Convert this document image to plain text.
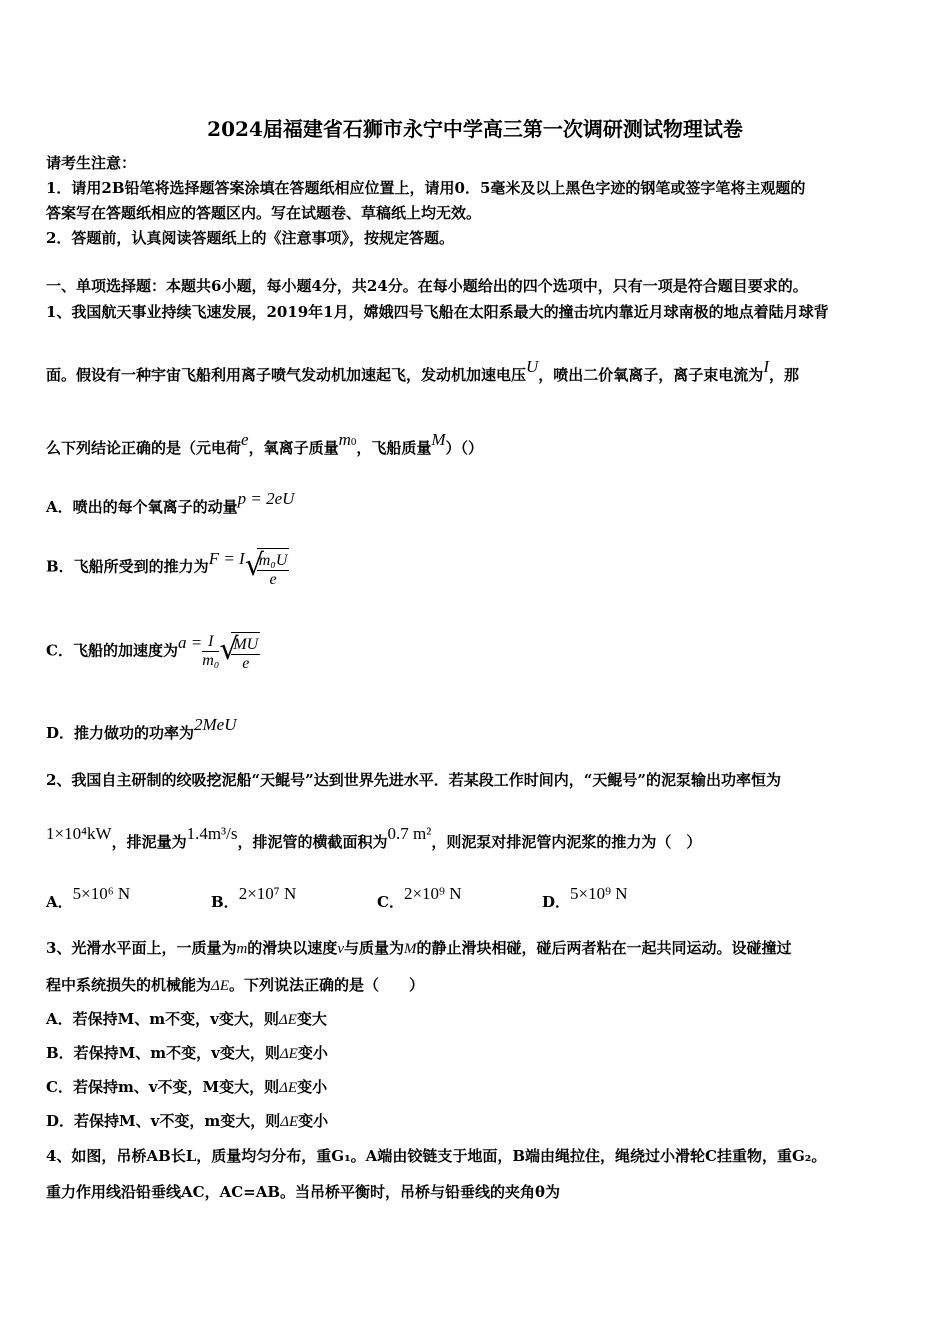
2024届福建省石狮市永宁中学高三第一次调研测试物理试卷
请考生注意：
1．请用2B铅笔将选择题答案涂填在答题纸相应位置上，请用0．5毫米及以上黑色字迹的钢笔或签字笔将主观题的
答案写在答题纸相应的答题区内。写在试题卷、草稿纸上均无效。
2．答题前，认真阅读答题纸上的《注意事项》，按规定答题。
一、单项选择题：本题共6小题，每小题4分，共24分。在每小题给出的四个选项中，只有一项是符合题目要求的。
1、我国航天事业持续飞速发展，2019年1月，嫦娥四号飞船在太阳系最大的撞击坑内靠近月球南极的地点着陆月球背
面。假设有一种宇宙飞船利用离子喷气发动机加速起飞，发动机加速电压U，喷出二价氧离子，离子束电流为I，那
么下列结论正确的是（元电荷e，氧离子质量m0，飞船质量M）（）
A．喷出的每个氧离子的动量p = 2eU
B．飞船所受到的推力为F = I √
$\frac{\text{m₀U}}{e}$
C．飞船的加速度为$a = \frac{I}{\text{m₀}}$ √
$\frac{MU}{e}$
D．推力做功的功率为2MeU
2、我国自主研制的绞吸挖泥船“天鲲号”达到世界先进水平．若某段工作时间内，“天鲲号”的泥泵输出功率恒为
1×10⁴kW，排泥量为1.4m³/s，排泥管的横截面积为0.7 m²，则泥泵对排泥管内泥浆的推力为（　）
A．5×10⁶ N	B．2×10⁷ N	C．2×10⁹ N	D．5×10⁹ N
3、光滑水平面上，一质量为m的滑块以速度v与质量为M的静止滑块相碰，碰后两者粘在一起共同运动。设碰撞过
程中系统损失的机械能为ΔE。下列说法正确的是（　　）
A．若保持M、m不变，v变大，则ΔE变大
B．若保持M、m不变，v变大，则ΔE变小
C．若保持m、v不变，M变大，则ΔE变小
D．若保持M、v不变，m变大，则ΔE变小
4、如图，吊桥AB长L，质量均匀分布，重G₁。A端由铰链支于地面，B端由绳拉住，绳绕过小滑轮C挂重物，重G₂。
重力作用线沿铅垂线AC，AC=AB。当吊桥平衡时，吊桥与铅垂线的夹角θ为
